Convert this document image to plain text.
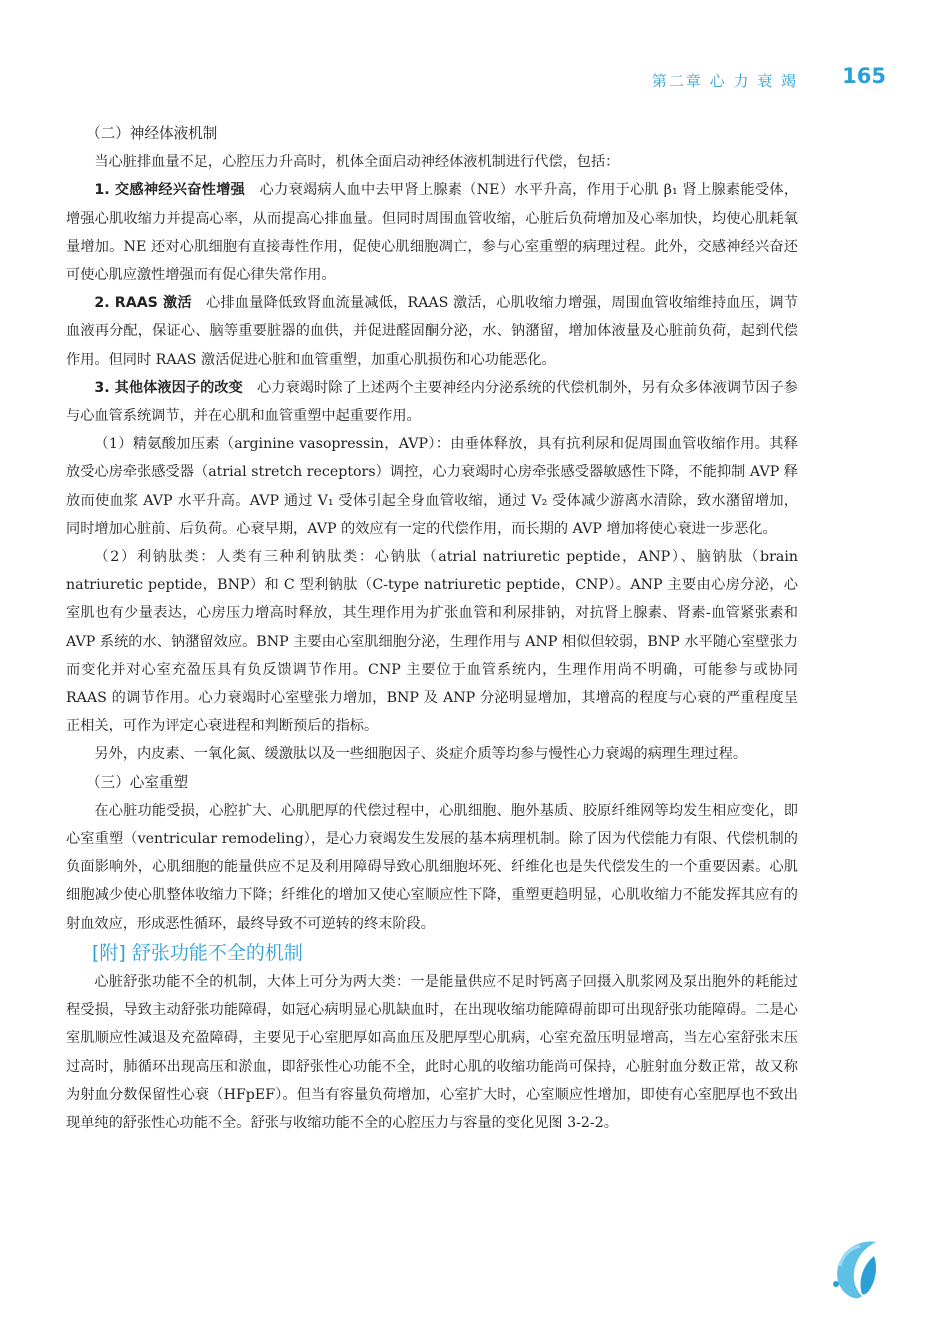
第二章 心 力 衰 竭 165

（二）神经体液机制

当心脏排血量不足，心腔压力升高时，机体全面启动神经体液机制进行代偿，包括：

1. 交感神经兴奋性增强　心力衰竭病人血中去甲肾上腺素（NE）水平升高，作用于心肌 β₁ 肾上腺素能受体，增强心肌收缩力并提高心率，从而提高心排血量。但同时周围血管收缩，心脏后负荷增加及心率加快，均使心肌耗氧量增加。NE 还对心肌细胞有直接毒性作用，促使心肌细胞凋亡，参与心室重塑的病理过程。此外，交感神经兴奋还可使心肌应激性增强而有促心律失常作用。

2. RAAS 激活　心排血量降低致肾血流量减低，RAAS 激活，心肌收缩力增强，周围血管收缩维持血压，调节血液再分配，保证心、脑等重要脏器的血供，并促进醛固酮分泌，水、钠潴留，增加体液量及心脏前负荷，起到代偿作用。但同时 RAAS 激活促进心脏和血管重塑，加重心肌损伤和心功能恶化。

3. 其他体液因子的改变　心力衰竭时除了上述两个主要神经内分泌系统的代偿机制外，另有众多体液调节因子参与心血管系统调节，并在心肌和血管重塑中起重要作用。

（1）精氨酸加压素（arginine vasopressin，AVP）：由垂体释放，具有抗利尿和促周围血管收缩作用。其释放受心房牵张感受器（atrial stretch receptors）调控，心力衰竭时心房牵张感受器敏感性下降，不能抑制 AVP 释放而使血浆 AVP 水平升高。AVP 通过 V₁ 受体引起全身血管收缩，通过 V₂ 受体减少游离水清除，致水潴留增加，同时增加心脏前、后负荷。心衰早期，AVP 的效应有一定的代偿作用，而长期的 AVP 增加将使心衰进一步恶化。

（2）利钠肽类：人类有三种利钠肽类：心钠肽（atrial natriuretic peptide，ANP）、脑钠肽（brain natriuretic peptide，BNP）和 C 型利钠肽（C-type natriuretic peptide，CNP）。ANP 主要由心房分泌，心室肌也有少量表达，心房压力增高时释放，其生理作用为扩张血管和利尿排钠，对抗肾上腺素、肾素-血管紧张素和 AVP 系统的水、钠潴留效应。BNP 主要由心室肌细胞分泌，生理作用与 ANP 相似但较弱，BNP 水平随心室壁张力而变化并对心室充盈压具有负反馈调节作用。CNP 主要位于血管系统内，生理作用尚不明确，可能参与或协同 RAAS 的调节作用。心力衰竭时心室壁张力增加，BNP 及 ANP 分泌明显增加，其增高的程度与心衰的严重程度呈正相关，可作为评定心衰进程和判断预后的指标。

另外，内皮素、一氧化氮、缓激肽以及一些细胞因子、炎症介质等均参与慢性心力衰竭的病理生理过程。

（三）心室重塑

在心脏功能受损，心腔扩大、心肌肥厚的代偿过程中，心肌细胞、胞外基质、胶原纤维网等均发生相应变化，即心室重塑（ventricular remodeling），是心力衰竭发生发展的基本病理机制。除了因为代偿能力有限、代偿机制的负面影响外，心肌细胞的能量供应不足及利用障碍导致心肌细胞坏死、纤维化也是失代偿发生的一个重要因素。心肌细胞减少使心肌整体收缩力下降；纤维化的增加又使心室顺应性下降，重塑更趋明显，心肌收缩力不能发挥其应有的射血效应，形成恶性循环，最终导致不可逆转的终末阶段。

[附] 舒张功能不全的机制

心脏舒张功能不全的机制，大体上可分为两大类：一是能量供应不足时钙离子回摄入肌浆网及泵出胞外的耗能过程受损，导致主动舒张功能障碍，如冠心病明显心肌缺血时，在出现收缩功能障碍前即可出现舒张功能障碍。二是心室肌顺应性减退及充盈障碍，主要见于心室肥厚如高血压及肥厚型心肌病，心室充盈压明显增高，当左心室舒张末压过高时，肺循环出现高压和淤血，即舒张性心功能不全，此时心肌的收缩功能尚可保持，心脏射血分数正常，故又称为射血分数保留性心衰（HFpEF）。但当有容量负荷增加，心室扩大时，心室顺应性增加，即使有心室肥厚也不致出现单纯的舒张性心功能不全。舒张与收缩功能不全的心腔压力与容量的变化见图 3-2-2。
